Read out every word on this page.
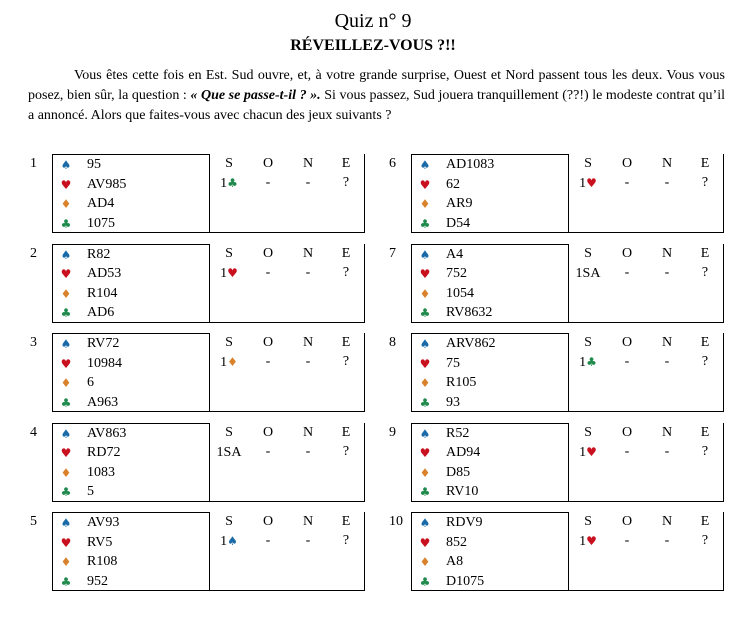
Quiz n° 9
RÉVEILLEZ-VOUS ?!!
Vous êtes cette fois en Est. Sud ouvre, et, à votre grande surprise, Ouest et Nord passent tous les deux. Vous vous posez, bien sûr, la question : « Que se passe-t-il ? ». Si vous passez, Sud jouera tranquillement (??!) le modeste contrat qu’il a annoncé. Alors que faites-vous avec chacun des jeux suivants ?
1	♠ 95
♥ AV985
♦ AD4
♣ 1075
S	O	N	E
1♣	-	-	?
2	♠ R82
♥ AD53
♦ R104
♣ AD6
S	O	N	E
1♥	-	-	?
3	♠ RV72
♥ 10984
♦ 6
♣ A963
S	O	N	E
1♦	-	-	?
4	♠ AV863
♥ RD72
♦ 1083
♣ 5
S	O	N	E
1SA	-	-	?
5	♠ AV93
♥ RV5
♦ R108
♣ 952
S	O	N	E
1♠	-	-	?
6	♠ AD1083
♥ 62
♦ AR9
♣ D54
S	O	N	E
1♥	-	-	?
7	♠ A4
♥ 752
♦ 1054
♣ RV8632
S	O	N	E
1SA	-	-	?
8	♠ ARV862
♥ 75
♦ R105
♣ 93
S	O	N	E
1♣	-	-	?
9	♠ R52
♥ AD94
♦ D85
♣ RV10
S	O	N	E
1♥	-	-	?
10	♠ RDV9
♥ 852
♦ A8
♣ D1075
S	O	N	E
1♥	-	-	?
